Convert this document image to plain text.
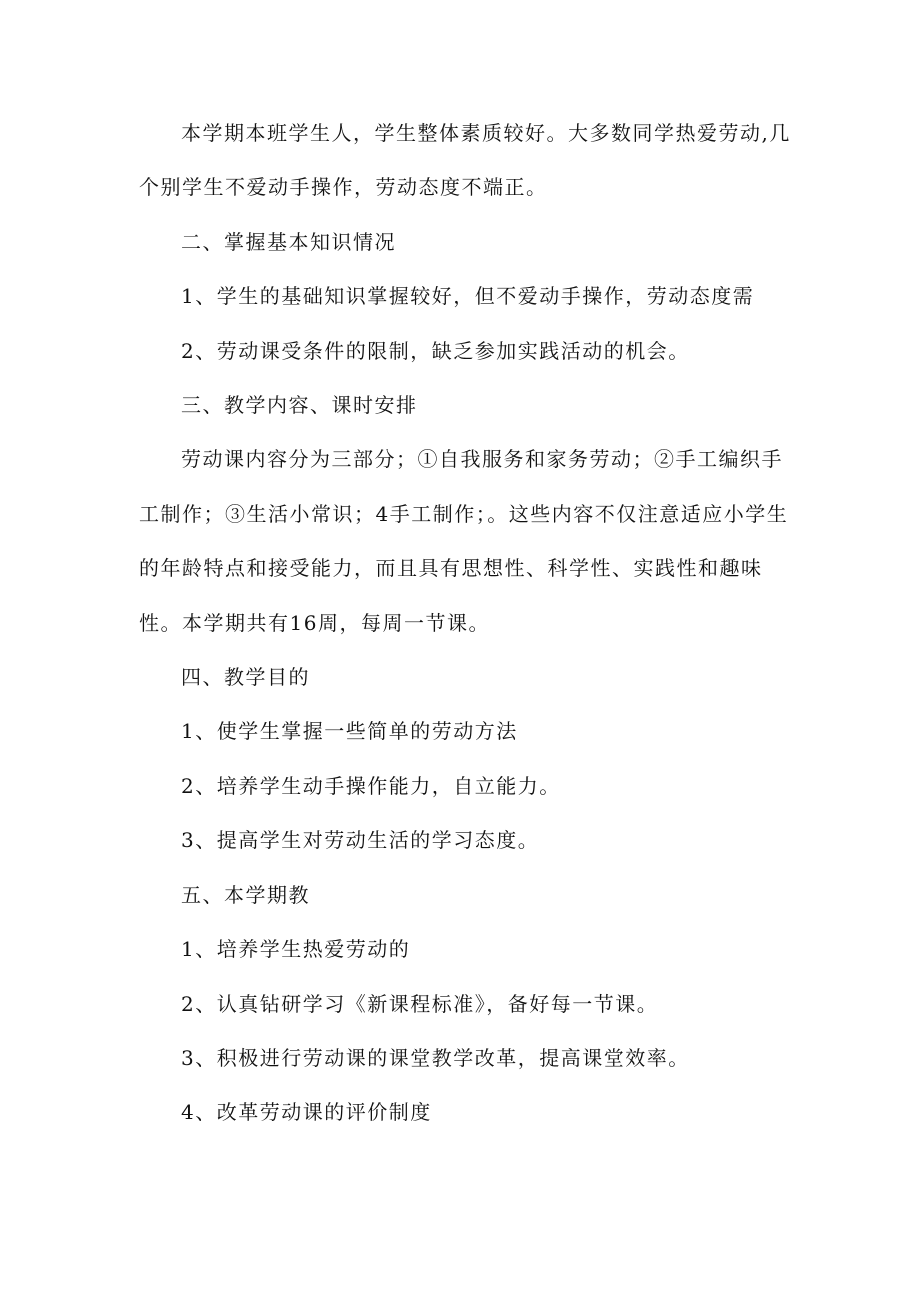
本学期本班学生人，学生整体素质较好。大多数同学热爱劳动,几个别学生不爱动手操作，劳动态度不端正。

二、掌握基本知识情况

1、学生的基础知识掌握较好，但不爱动手操作，劳动态度需

2、劳动课受条件的限制，缺乏参加实践活动的机会。

三、教学内容、课时安排

劳动课内容分为三部分；①自我服务和家务劳动；②手工编织手工制作；③生活小常识；4手工制作；。这些内容不仅注意适应小学生的年龄特点和接受能力，而且具有思想性、科学性、实践性和趣味性。本学期共有16周，每周一节课。

四、教学目的

1、使学生掌握一些简单的劳动方法

2、培养学生动手操作能力，自立能力。

3、提高学生对劳动生活的学习态度。

五、本学期教

1、培养学生热爱劳动的

2、认真钻研学习《新课程标准》，备好每一节课。

3、积极进行劳动课的课堂教学改革，提高课堂效率。

4、改革劳动课的评价制度
